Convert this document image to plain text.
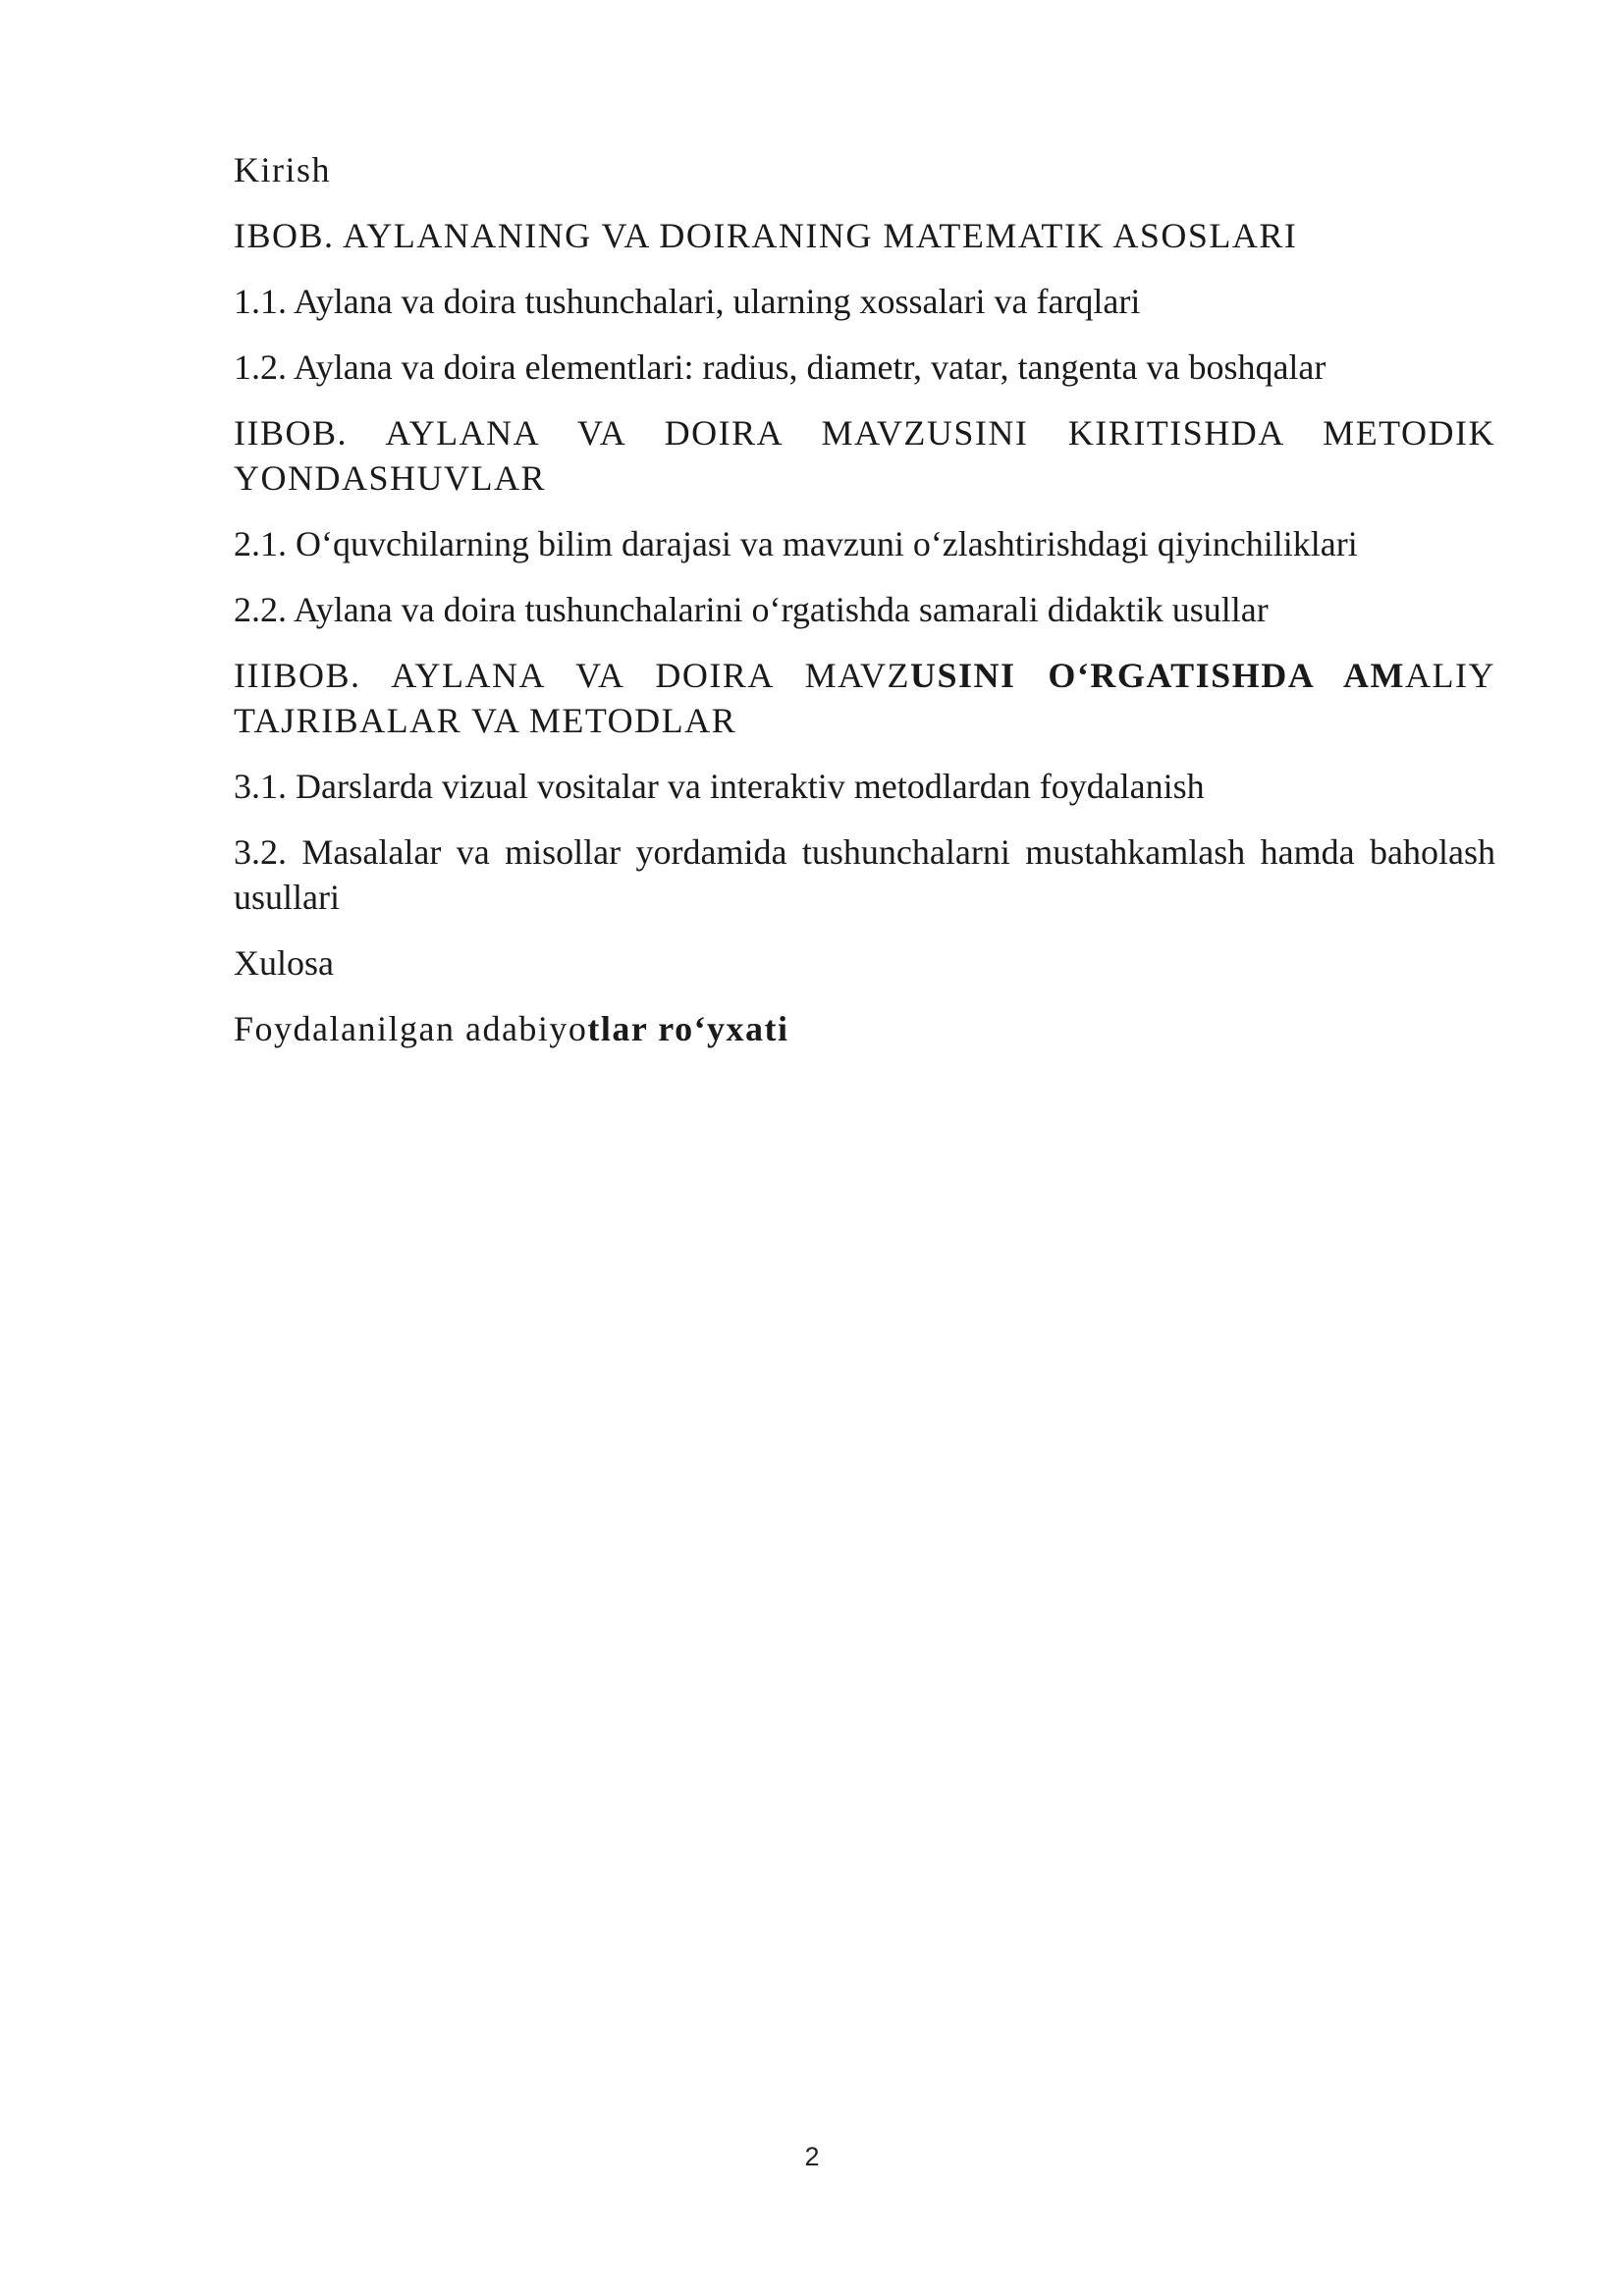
Kirish

IBOB. AYLANANING VA DOIRANING MATEMATIK ASOSLARI

1.1. Aylana va doira tushunchalari, ularning xossalari va farqlari

1.2. Aylana va doira elementlari: radius, diametr, vatar, tangenta va boshqalar

IIBOB. AYLANA VA DOIRA MAVZUSINI KIRITISHDA METODIK YONDASHUVLAR

2.1. O‘quvchilarning bilim darajasi va mavzuni o‘zlashtirishdagi qiyinchiliklari

2.2. Aylana va doira tushunchalarini o‘rgatishda samarali didaktik usullar

IIIBOB. AYLANA VA DOIRA MAVZUSINI O‘RGATISHDA AMALIY TAJRIBALAR VA METODLAR

3.1. Darslarda vizual vositalar va interaktiv metodlardan foydalanish

3.2. Masalalar va misollar yordamida tushunchalarni mustahkamlash hamda baholash usullari

Xulosa

Foydalanilgan adabiyotlar ro‘yxati

2
